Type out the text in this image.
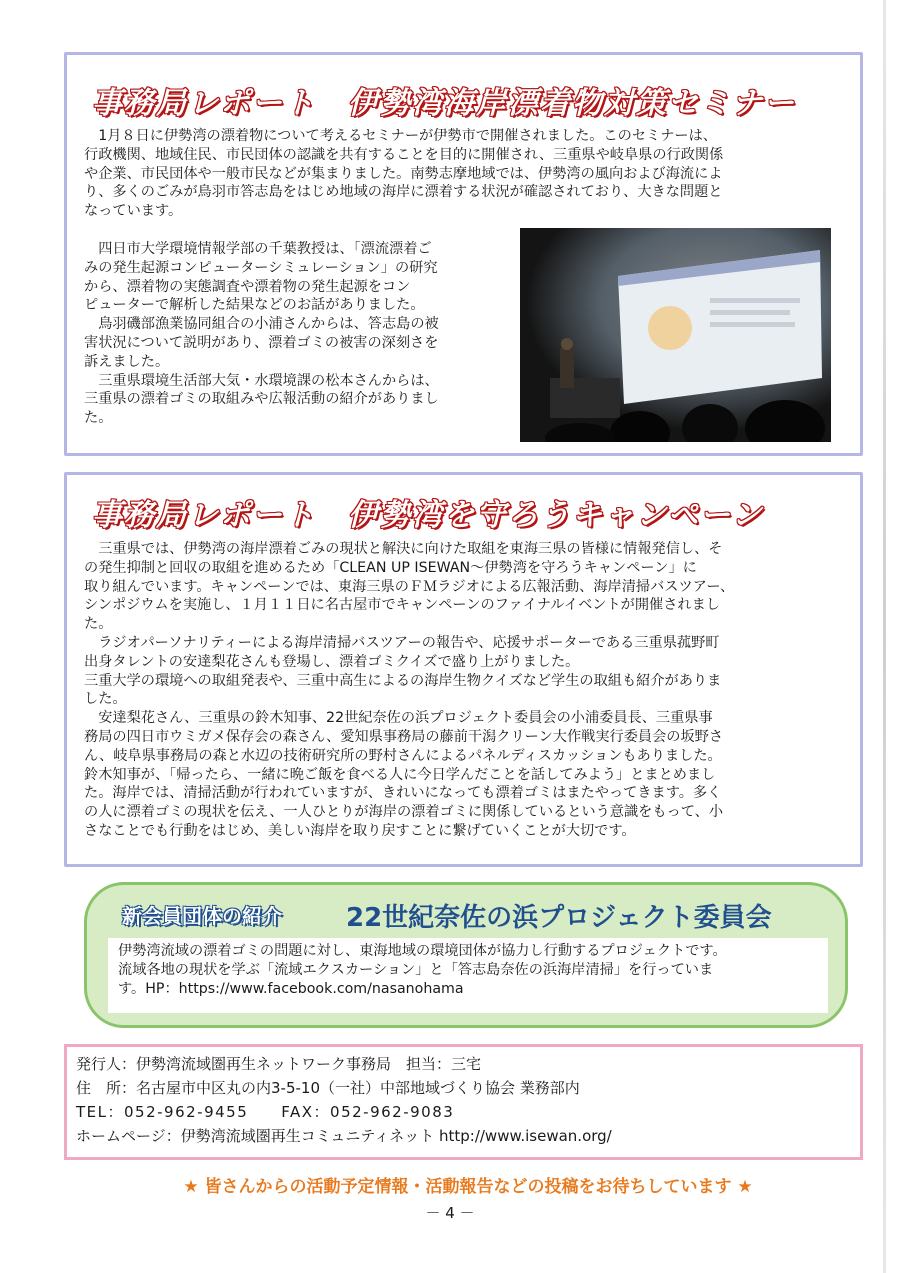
事務局レポート　伊勢湾海岸漂着物対策セミナー

　1月８日に伊勢湾の漂着物について考えるセミナーが伊勢市で開催されました。このセミナーは、

行政機関、地域住民、市民団体の認識を共有することを目的に開催され、三重県や岐阜県の行政関係

や企業、市民団体や一般市民などが集まりました。南勢志摩地域では、伊勢湾の風向および海流によ

り、多くのごみが鳥羽市答志島をはじめ地域の海岸に漂着する状況が確認されており、大きな問題と

なっています。

　四日市大学環境情報学部の千葉教授は、「漂流漂着ご

みの発生起源コンピューターシミュレーション」の研究

から、漂着物の実態調査や漂着物の発生起源をコン

ピューターで解析した結果などのお話がありました。

　鳥羽磯部漁業協同組合の小浦さんからは、答志島の被

害状況について説明があり、漂着ゴミの被害の深刻さを

訴えました。

　三重県環境生活部大気・水環境課の松本さんからは、

三重県の漂着ゴミの取組みや広報活動の紹介がありまし

た。

事務局レポート　伊勢湾を守ろうキャンペーン

　三重県では、伊勢湾の海岸漂着ごみの現状と解決に向けた取組を東海三県の皆様に情報発信し、そ

の発生抑制と回収の取組を進めるため「CLEAN UP ISEWAN～伊勢湾を守ろうキャンペーン」に

取り組んでいます。キャンペーンでは、東海三県のＦＭラジオによる広報活動、海岸清掃バスツアー、

シンポジウムを実施し、１月１１日に名古屋市でキャンペーンのファイナルイベントが開催されまし

た。

　ラジオパーソナリティーによる海岸清掃バスツアーの報告や、応援サポーターである三重県菰野町

出身タレントの安達梨花さんも登場し、漂着ゴミクイズで盛り上がりました。

三重大学の環境への取組発表や、三重中高生によるの海岸生物クイズなど学生の取組も紹介がありま

した。

　安達梨花さん、三重県の鈴木知事、22世紀奈佐の浜プロジェクト委員会の小浦委員長、三重県事

務局の四日市ウミガメ保存会の森さん、愛知県事務局の藤前干潟クリーン大作戦実行委員会の坂野さ

ん、岐阜県事務局の森と水辺の技術研究所の野村さんによるパネルディスカッションもありました。

鈴木知事が、「帰ったら、一緒に晩ご飯を食べる人に今日学んだことを話してみよう」とまとめまし

た。海岸では、清掃活動が行われていますが、きれいになっても漂着ゴミはまたやってきます。多く

の人に漂着ゴミの現状を伝え、一人ひとりが海岸の漂着ゴミに関係しているという意識をもって、小

さなことでも行動をはじめ、美しい海岸を取り戻すことに繋げていくことが大切です。

新会員団体の紹介 22世紀奈佐の浜プロジェクト委員会

伊勢湾流域の漂着ゴミの問題に対し、東海地域の環境団体が協力し行動するプロジェクトです。

流域各地の現状を学ぶ「流域エクスカーション」と「答志島奈佐の浜海岸清掃」を行っていま

す。HP：https://www.facebook.com/nasanohama

発行人：伊勢湾流域圏再生ネットワーク事務局　担当：三宅
住　所：名古屋市中区丸の内3-5-10（一社）中部地域づくり協会 業務部内
TEL：052-962-9455　　FAX：052-962-9083
ホームページ：伊勢湾流域圏再生コミュニティネット http://www.isewan.org/
★ 皆さんからの活動予定情報・活動報告などの投稿をお待ちしています ★
－ 4 －
